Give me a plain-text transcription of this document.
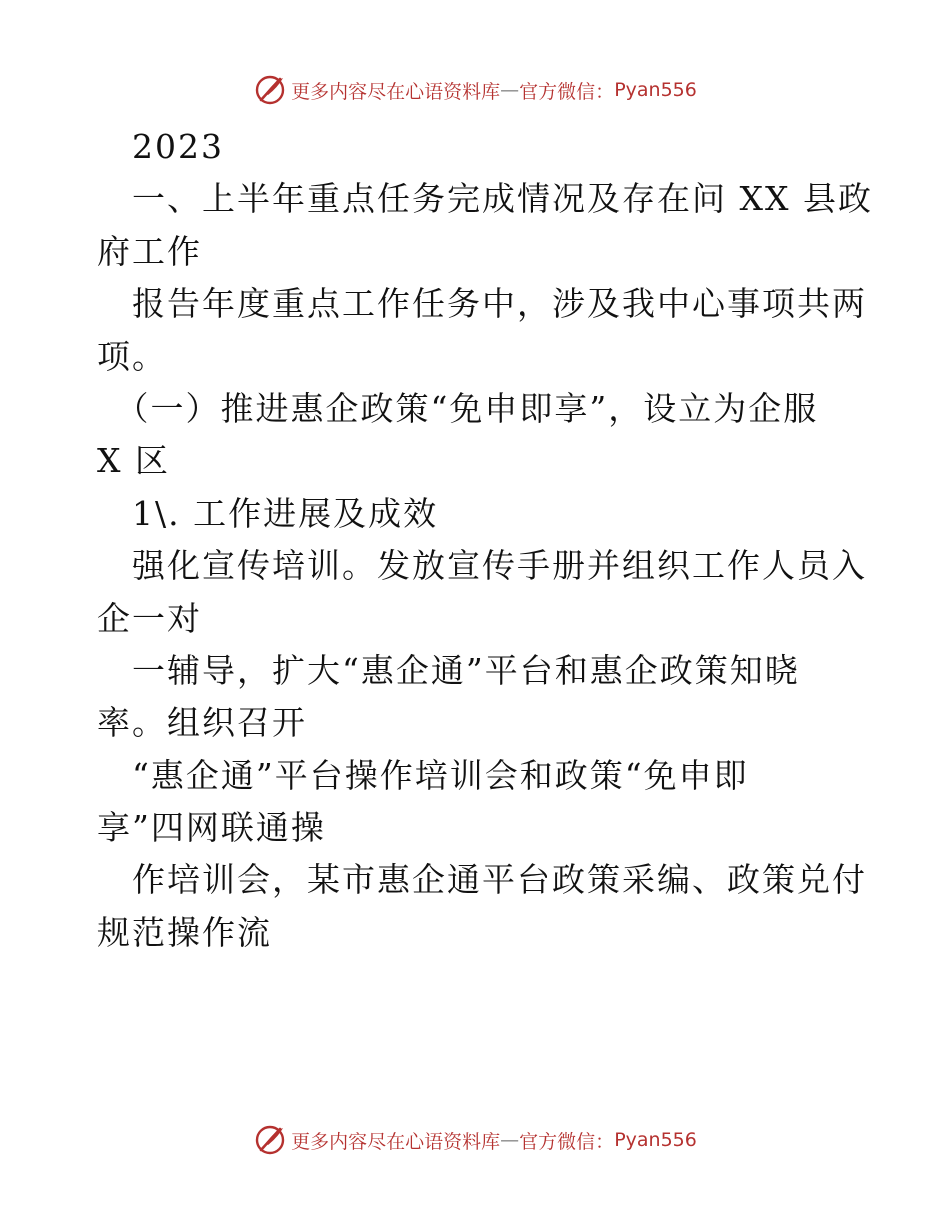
更多内容尽在心语资料库 — 官方微信： Pyan556
　2023
　一、上半年重点任务完成情况及存在问 XX 县政
府工作
　报告年度重点工作任务中，涉及我中心事项共两
项。
　（一）推进惠企政策“免申即享”，设立为企服
X 区
　1\. 工作进展及成效
　强化宣传培训。发放宣传手册并组织工作人员入
企一对
　一辅导，扩大“惠企通”平台和惠企政策知晓
率。组织召开
　“惠企通”平台操作培训会和政策“免申即
享”四网联通操
　作培训会，某市惠企通平台政策采编、政策兑付
规范操作流
更多内容尽在心语资料库 — 官方微信： Pyan556
